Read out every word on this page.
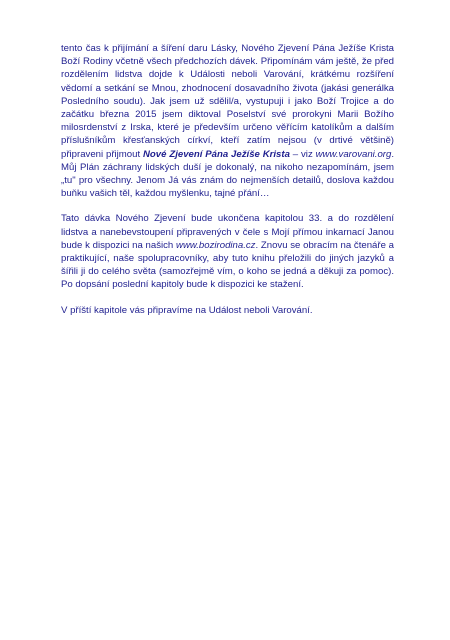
tento čas k přijímání a šíření daru Lásky, Nového Zjevení Pána Ježíše Krista Boží Rodiny včetně všech předchozích dávek. Připomínám vám ještě, že před rozdělením lidstva dojde k Události neboli Varování, krátkému rozšíření vědomí a setkání se Mnou, zhodnocení dosavadního života (jakási generálka Posledního soudu). Jak jsem už sdělil/a, vystupuji i jako Boží Trojice a do začátku března 2015 jsem diktoval Poselství své prorokyni Marii Božího milosrdenství z Irska, které je především určeno věřícím katolíkům a dalším příslušníkům křesťanských církví, kteří zatím nejsou (v drtivé většině) připraveni přijmout Nové Zjevení Pána Ježíše Krista – viz www.varovani.org. Můj Plán záchrany lidských duší je dokonalý, na nikoho nezapomínám, jsem „tu" pro všechny. Jenom Já vás znám do nejmenších detailů, doslova každou buňku vašich těl, každou myšlenku, tajné přání…

Tato dávka Nového Zjevení bude ukončena kapitolou 33. a do rozdělení lidstva a nanebevstoupení připravených v čele s Mojí přímou inkarnací Janou bude k dispozici na našich www.bozirodina.cz. Znovu se obracím na čtenáře a praktikující, naše spolupracovníky, aby tuto knihu přeložili do jiných jazyků a šířili ji do celého světa (samozřejmě vím, o koho se jedná a děkuji za pomoc). Po dopsání poslední kapitoly bude k dispozici ke stažení.

V příští kapitole vás připravíme na Událost neboli Varování.
